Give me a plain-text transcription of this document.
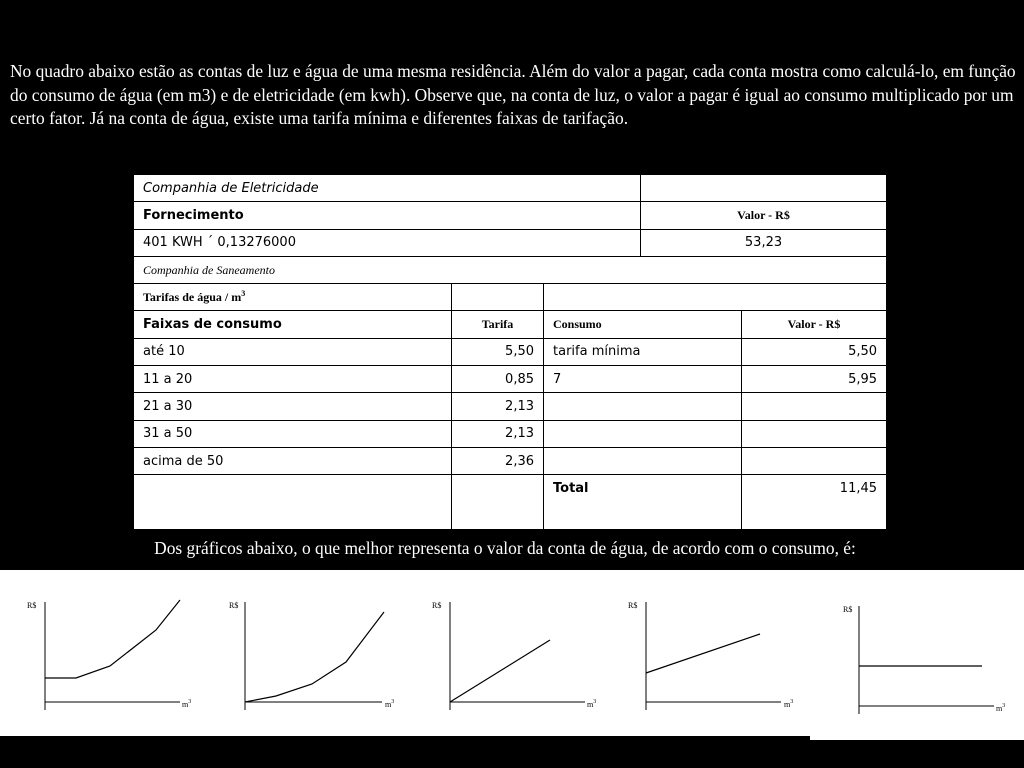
No quadro abaixo estão as contas de luz e água de uma mesma residência. Além do valor a pagar, cada conta mostra como calculá-lo, em função do consumo de água (em m3) e de eletricidade (em kwh). Observe que, na conta de luz, o valor a pagar é igual ao consumo multiplicado por um certo fator. Já na conta de água, existe uma tarifa mínima e diferentes faixas de tarifação.
Companhia de Eletricidade				
Fornecimento			Valor - R$	
401 KWH ´ 0,13276000			53,23	
Companhia de Saneamento				
Tarifas de água / $m^3$		
Faixas de consumo	Tarifa	Consumo		Valor - R$
até 10	5,50	tarifa mínima		5,50
11 a 20	0,85	7		5,95
21 a 30	2,13			
31 a 50	2,13			
acima de 50	2,36			
		Total		11,45
Dos gráficos abaixo, o que melhor representa o valor da conta de água, de acordo com o consumo, é:
R$
$m^3$
R$
$m^3$
R$
$m^3$
R$
$m^3$
R$
$m^3$
